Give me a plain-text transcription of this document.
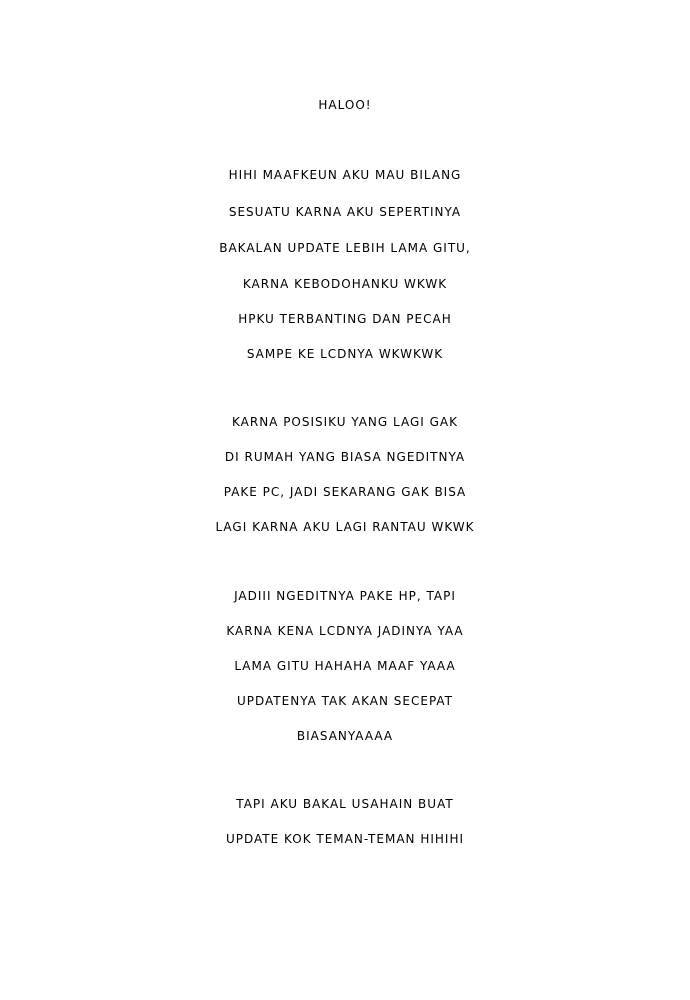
HALOO!
HIHI MAAFKEUN AKU MAU BILANG
SESUATU KARNA AKU SEPERTINYA
BAKALAN UPDATE LEBIH LAMA GITU,
KARNA KEBODOHANKU WKWK
HPKU TERBANTING DAN PECAH
SAMPE KE LCDNYA WKWKWK
KARNA POSISIKU YANG LAGI GAK
DI RUMAH YANG BIASA NGEDITNYA
PAKE PC, JADI SEKARANG GAK BISA
LAGI KARNA AKU LAGI RANTAU WKWK
JADIII NGEDITNYA PAKE HP, TAPI
KARNA KENA LCDNYA JADINYA YAA
LAMA GITU HAHAHA MAAF YAAA
UPDATENYA TAK AKAN SECEPAT
BIASANYAAAA
TAPI AKU BAKAL USAHAIN BUAT
UPDATE KOK TEMAN-TEMAN HIHIHI
